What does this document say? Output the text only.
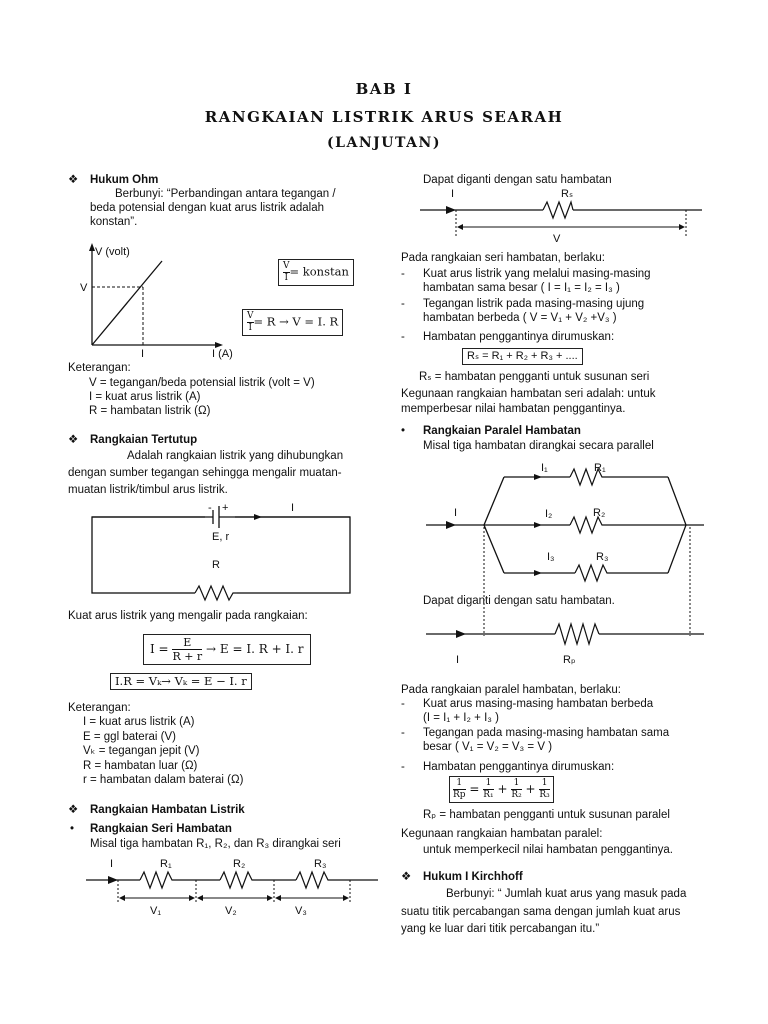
BAB I
RANGKAIAN LISTRIK ARUS SEARAH
(LANJUTAN)
❖ Hukum Ohm
Berbunyi: “Perbandingan antara tegangan /
beda potensial dengan kuat arus listrik adalah
konstan”.
V (volt)
V
I	I (A)
$\frac{V}{I}$ = konstan
$\frac{V}{I} = R \to V = I$. R
Keterangan:
V = tegangan/beda potensial listrik (volt = V)
I = kuat arus listrik (A)
R = hambatan listrik (Ω)
❖ Rangkaian Tertutup
Adalah rangkaian listrik yang dihubungkan
dengan sumber tegangan sehingga mengalir muatan-
muatan listrik/timbul arus listrik.
- +	I
E, r
R
Kuat arus listrik yang mengalir pada rangkaian:
$I = \frac{E}{R + r} \to E = I$. R + I. r
I.R = Vₖ→ Vₖ = E − I. r
Keterangan:
I = kuat arus listrik (A)
E = ggl baterai (V)
Vₖ = tegangan jepit (V)
R = hambatan luar (Ω)
r = hambatan dalam baterai (Ω)
❖ Rangkaian Hambatan Listrik
• Rangkaian Seri Hambatan
Misal tiga hambatan R₁, R₂, dan R₃ dirangkai seri
I	R₁	R₂	R₃
V₁	V₂	V₃
Dapat diganti dengan satu hambatan
I	Rₛ
V
Pada rangkaian seri hambatan, berlaku:
- Kuat arus listrik yang melalui masing-masing
hambatan sama besar ( I = I₁ = I₂ = I₃ )
- Tegangan listrik pada masing-masing ujung
hambatan berbeda ( V = V₁ + V₂ +V₃ )
- Hambatan penggantinya dirumuskan:
Rₛ = R₁ + R₂ + R₃ + ....
Rₛ = hambatan pengganti untuk susunan seri
Kegunaan rangkaian hambatan seri adalah: untuk
memperbesar nilai hambatan penggantinya.
• Rangkaian Paralel Hambatan
Misal tiga hambatan dirangkai secara parallel
I₁	R₁
I	I₂	R₂
I₃	R₃
Dapat diganti dengan satu hambatan.
I	Rₚ
Pada rangkaian paralel hambatan, berlaku:
- Kuat arus masing-masing hambatan berbeda
(I = I₁ + I₂ + I₃ )
- Tegangan pada masing-masing hambatan sama
besar ( V₁ = V₂ = V₃ = V )
- Hambatan penggantinya dirumuskan:
$\frac{1}{Rp} = \frac{1}{\text{R₁}} + \frac{1}{\text{R₂}} + \frac{1}{\text{R₃}}$
Rₚ = hambatan pengganti untuk susunan paralel
Kegunaan rangkaian hambatan paralel:
untuk memperkecil nilai hambatan penggantinya.
❖ Hukum I Kirchhoff
Berbunyi: “ Jumlah kuat arus yang masuk pada
suatu titik percabangan sama dengan jumlah kuat arus
yang ke luar dari titik percabangan itu.”
